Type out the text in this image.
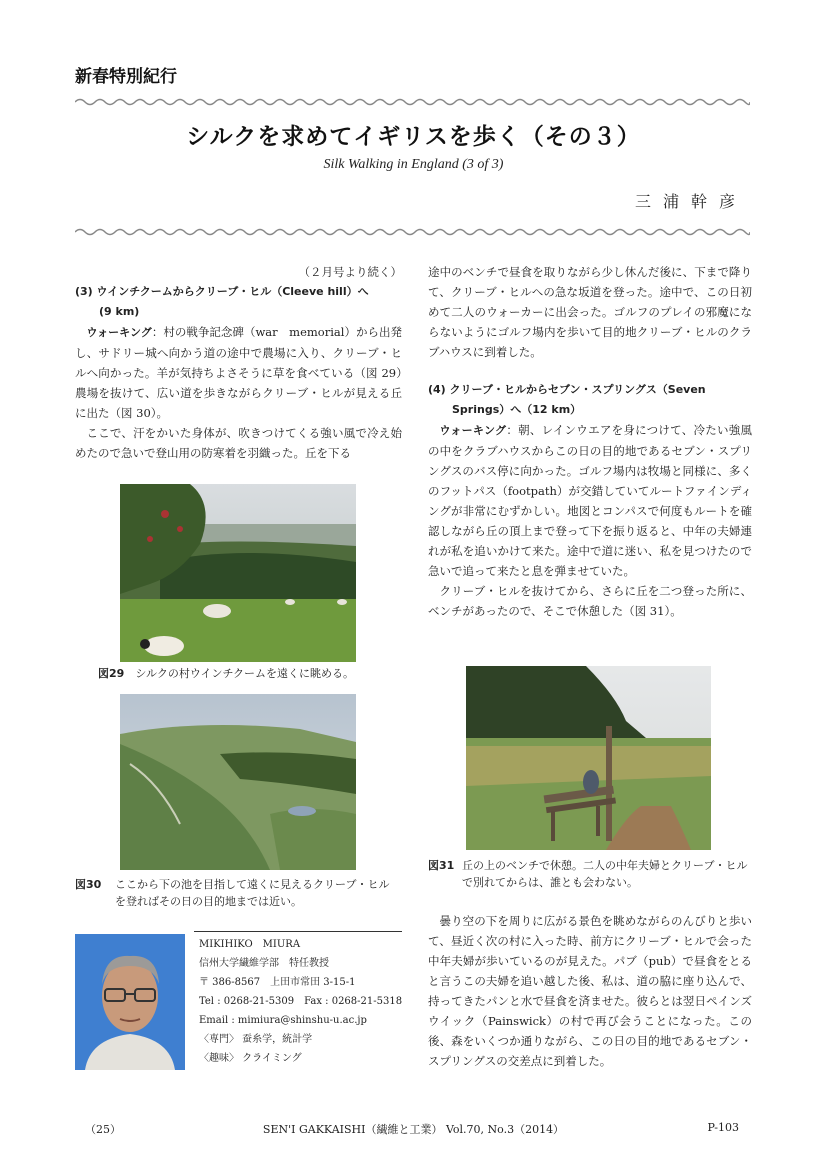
新春特別紀行
シルクを求めてイギリスを歩く（その３）
Silk Walking in England (3 of 3)
三浦幹彦

（２月号より続く）

(3) ウインチクームからクリーブ・ヒル（Cleeve hill）へ
(9 km)

ウォーキング：村の戦争記念碑（war　memorial）から出発し、サドリー城へ向かう道の途中で農場に入り、クリーブ・ヒルへ向かった。羊が気持ちよさそうに草を食べている（図 29）農場を抜けて、広い道を歩きながらクリーブ・ヒルが見える丘に出た（図 30）。

ここで、汗をかいた身体が、吹きつけてくる強い風で冷え始めたので急いで登山用の防寒着を羽織った。丘を下る

図29　 シルクの村ウインチクームを遠くに眺める。
図30 ここから下の池を目指して遠くに見えるクリーブ・ヒルを登ればその日の目的地までは近い。
MIKIHIKO　MIURA
信州大学繊維学部　特任教授
〒 386-8567　上田市常田 3-15-1
Tel : 0268-21-5309　Fax : 0268-21-5318
Email : mimiura@shinshu-u.ac.jp
〈専門〉 蚕糸学，統計学
〈趣味〉 クライミング

途中のベンチで昼食を取りながら少し休んだ後に、下まで降りて、クリーブ・ヒルへの急な坂道を登った。途中で、この日初めて二人のウォーカーに出会った。ゴルフのプレイの邪魔にならないようにゴルフ場内を歩いて目的地クリーブ・ヒルのクラブハウスに到着した。

(4) クリーブ・ヒルからセブン・スプリングス（Seven
Springs）へ（12 km）

ウォーキング：朝、レインウエアを身につけて、冷たい強風の中をクラブハウスからこの日の目的地であるセブン・スプリングスのバス停に向かった。ゴルフ場内は牧場と同様に、多くのフットパス（footpath）が交錯していてルートファインディングが非常にむずかしい。地図とコンパスで何度もルートを確認しながら丘の頂上まで登って下を振り返ると、中年の夫婦連れが私を追いかけて来た。途中で道に迷い、私を見つけたので急いで追って来たと息を弾ませていた。

クリーブ・ヒルを抜けてから、さらに丘を二つ登った所に、ベンチがあったので、そこで休憩した（図 31）。

図31 丘の上のベンチで休憩。二人の中年夫婦とクリーブ・ヒルで別れてからは、誰とも会わない。

曇り空の下を周りに広がる景色を眺めながらのんびりと歩いて、昼近く次の村に入った時、前方にクリーブ・ヒルで会った中年夫婦が歩いているのが見えた。パブ（pub）で昼食をとると言うこの夫婦を追い越した後、私は、道の脇に座り込んで、持ってきたパンと水で昼食を済ませた。彼らとは翌日ペインズウイック（Painswick）の村で再び会うことになった。この後、森をいくつか通りながら、この日の目的地であるセブン・スプリングスの交差点に到着した。

（25）	SEN'I GAKKAISHI（繊維と工業） Vol.70, No.3（2014）	P-103
